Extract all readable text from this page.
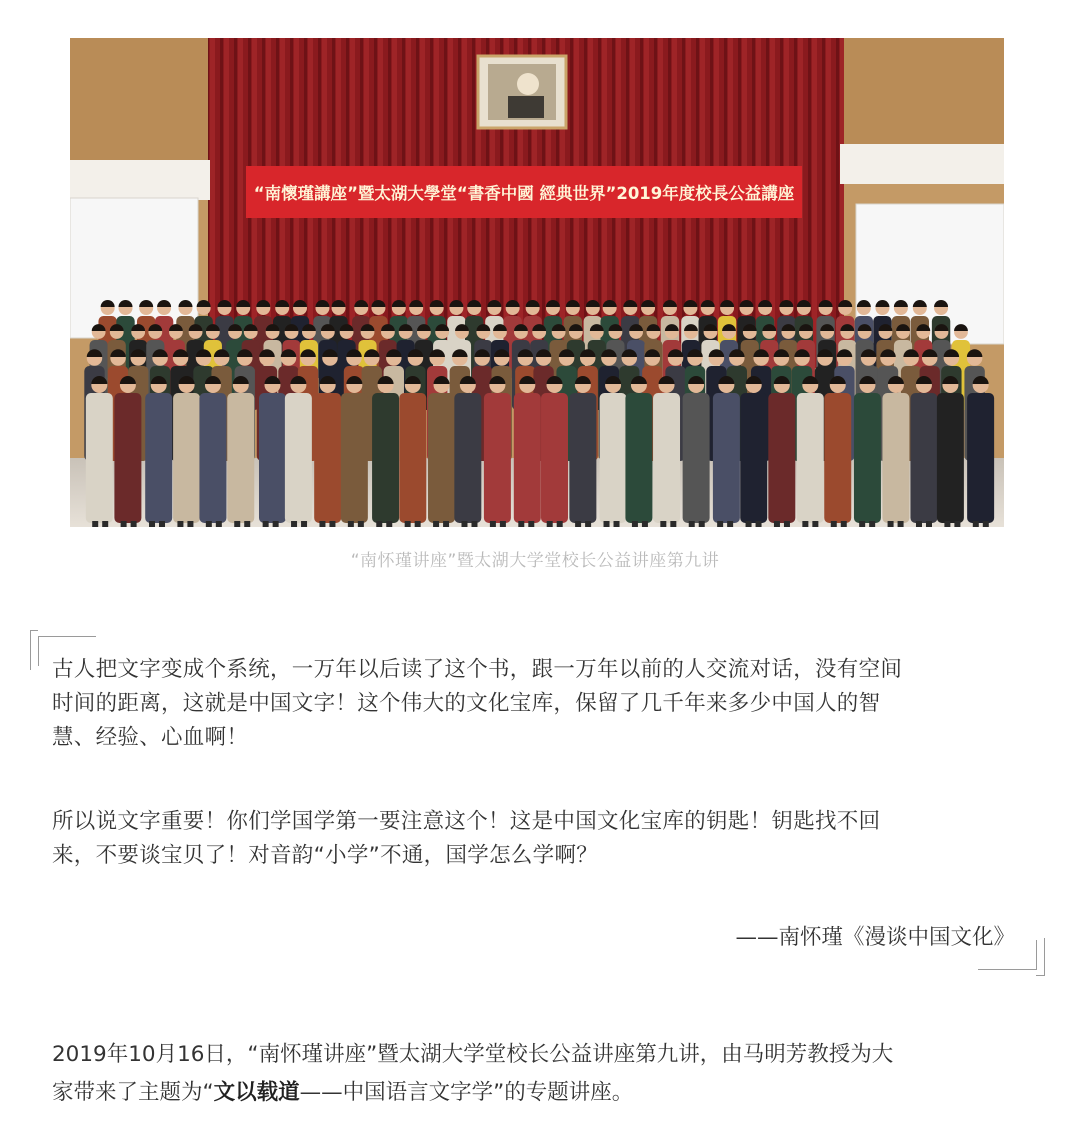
“南懷瑾講座”暨太湖大學堂“書香中國 經典世界”2019年度校長公益講座
“南怀瑾讲座”暨太湖大学堂校长公益讲座第九讲
古人把文字变成个系统，一万年以后读了这个书，跟一万年以前的人交流对话，没有空间
时间的距离，这就是中国文字！这个伟大的文化宝库，保留了几千年来多少中国人的智
慧、经验、心血啊！
所以说文字重要！你们学国学第一要注意这个！这是中国文化宝库的钥匙！钥匙找不回
来，不要谈宝贝了！对音韵“小学”不通，国学怎么学啊？
——南怀瑾《漫谈中国文化》
2019年10月16日，“南怀瑾讲座”暨太湖大学堂校长公益讲座第九讲，由马明芳教授为大
家带来了主题为“文以载道——中国语言文字学”的专题讲座。
